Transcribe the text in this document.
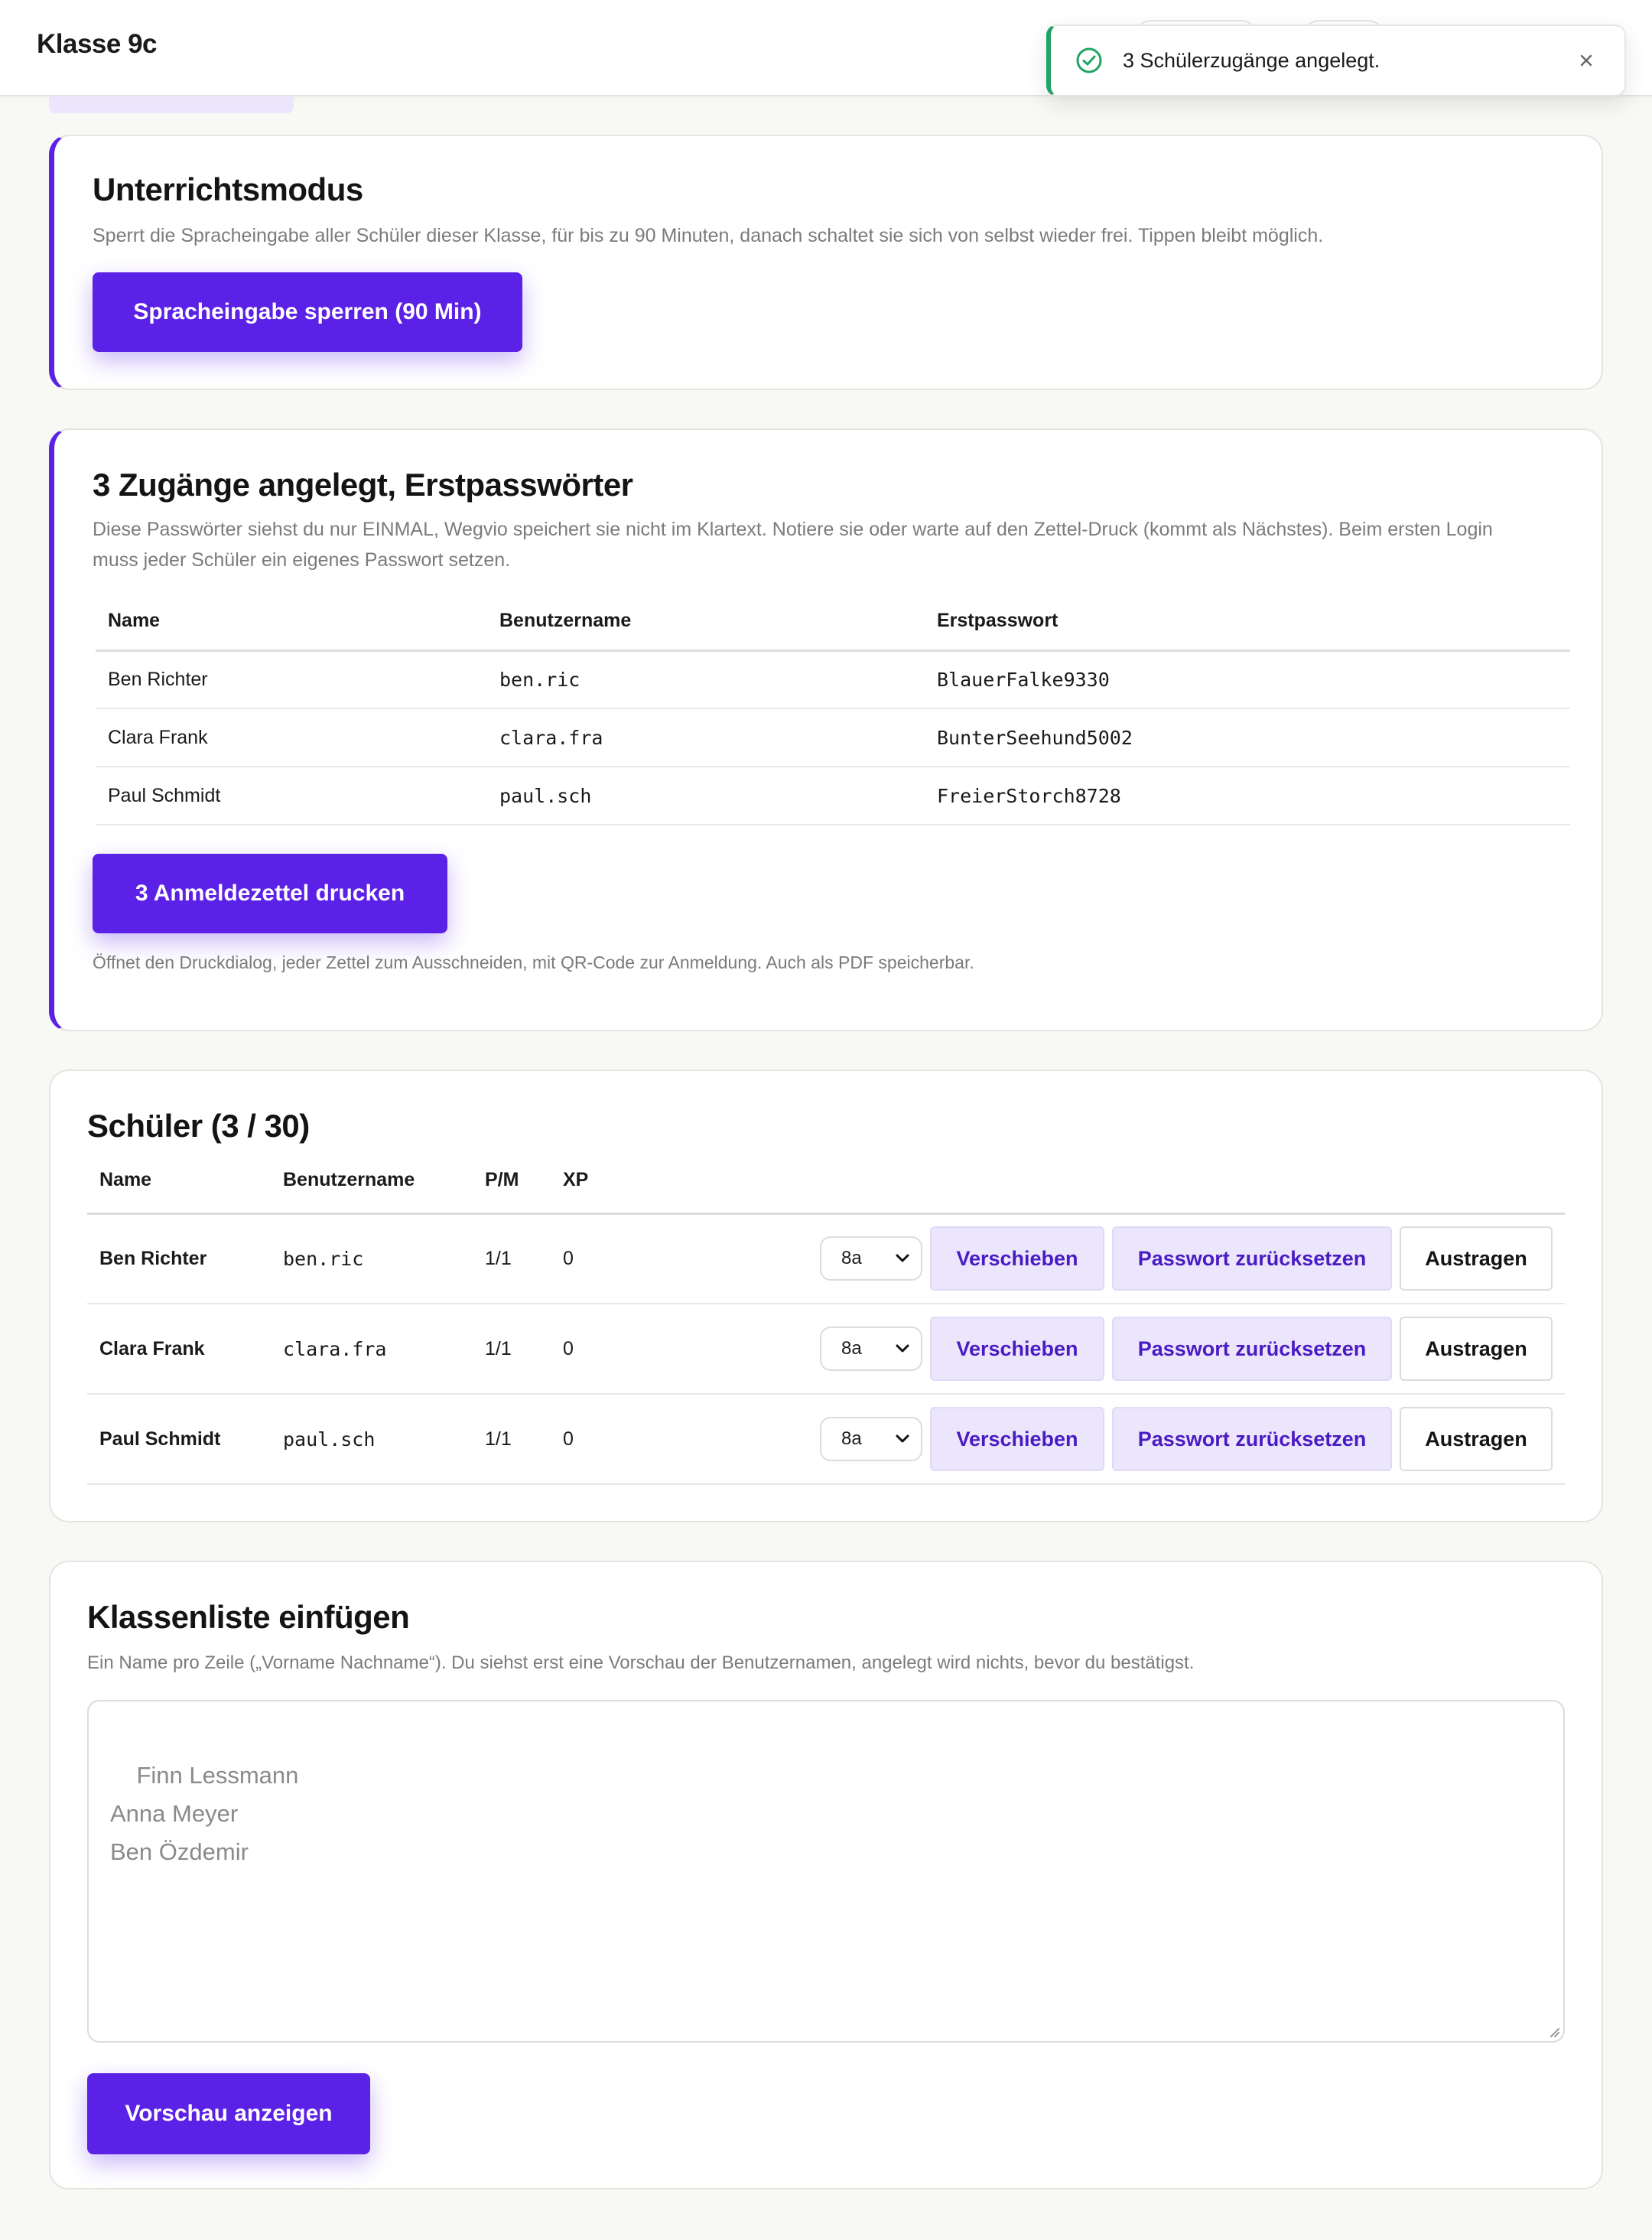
Klasse 9c
3 Schülerzugänge angelegt.
Unterrichtsmodus
Sperrt die Spracheingabe aller Schüler dieser Klasse, für bis zu 90 Minuten, danach schaltet sie sich von selbst wieder frei. Tippen bleibt möglich.
Spracheingabe sperren (90 Min)
3 Zugänge angelegt, Erstpasswörter
Diese Passwörter siehst du nur EINMAL, Wegvio speichert sie nicht im Klartext. Notiere sie oder warte auf den Zettel-Druck (kommt als Nächstes). Beim ersten Login
muss jeder Schüler ein eigenes Passwort setzen.
Name	Benutzername	Erstpasswort
Ben Richter	ben.ric	BlauerFalke9330
Clara Frank	clara.fra	BunterSeehund5002
Paul Schmidt	paul.sch	FreierStorch8728
3 Anmeldezettel drucken
Öffnet den Druckdialog, jeder Zettel zum Ausschneiden, mit QR-Code zur Anmeldung. Auch als PDF speicherbar.
Schüler (3 / 30)
Name	Benutzername	P/M	XP	
Ben Richter	ben.ric	1/1	0	8a Verschieben Passwort zurücksetzen Austragen

Clara Frank	clara.fra	1/1	0	8a Verschieben Passwort zurücksetzen Austragen

Paul Schmidt	paul.sch	1/1	0	8a Verschieben Passwort zurücksetzen Austragen
Klassenliste einfügen
Ein Name pro Zeile („Vorname Nachname“). Du siehst erst eine Vorschau der Benutzernamen, angelegt wird nichts, bevor du bestätigst.

Finn Lessmann
Anna Meyer
Ben Özdemir

Vorschau anzeigen
